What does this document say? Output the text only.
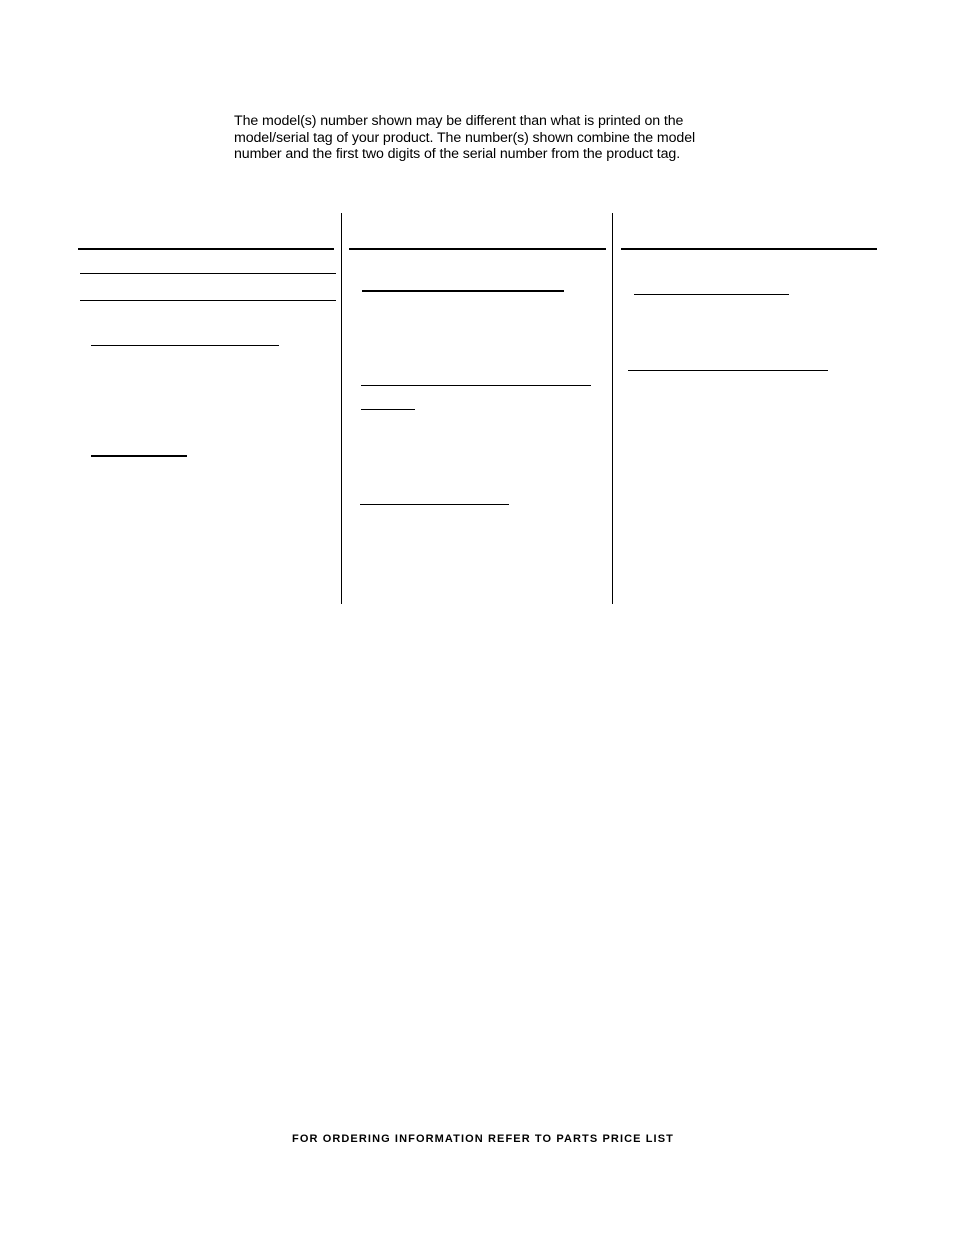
The model(s) number shown may be different than what is printed on the
model/serial tag of your product. The number(s) shown combine the model
number and the first two digits of the serial number from the product tag.

FOR ORDERING INFORMATION REFER TO PARTS PRICE LIST
